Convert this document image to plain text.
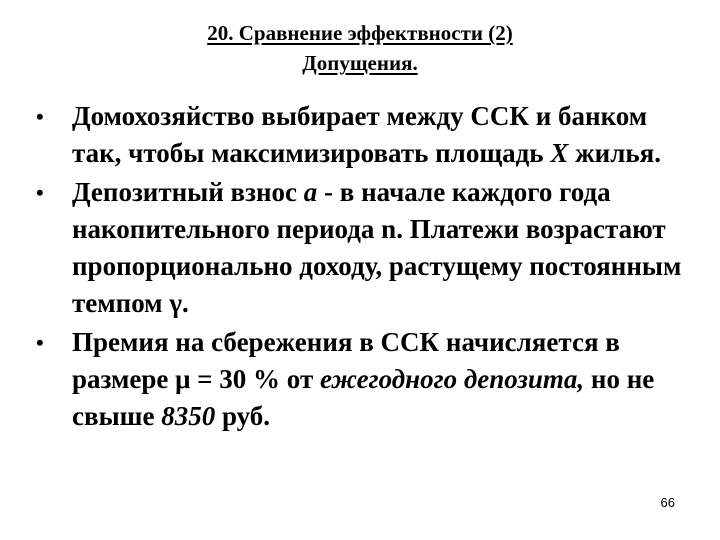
20. Сравнение эффектвности (2)
Допущения.
• Домохозяйство выбирает между ССК и банком так, чтобы максимизировать площадь X жилья.
• Депозитный взнос a - в начале каждого года накопительного периода n. Платежи возрастают пропорционально доходу, растущему постоянным темпом γ.
• Премия на сбережения в ССК начисляется в размере μ = 30 % от ежегодного депозита, но не свыше 8350 руб.
66
